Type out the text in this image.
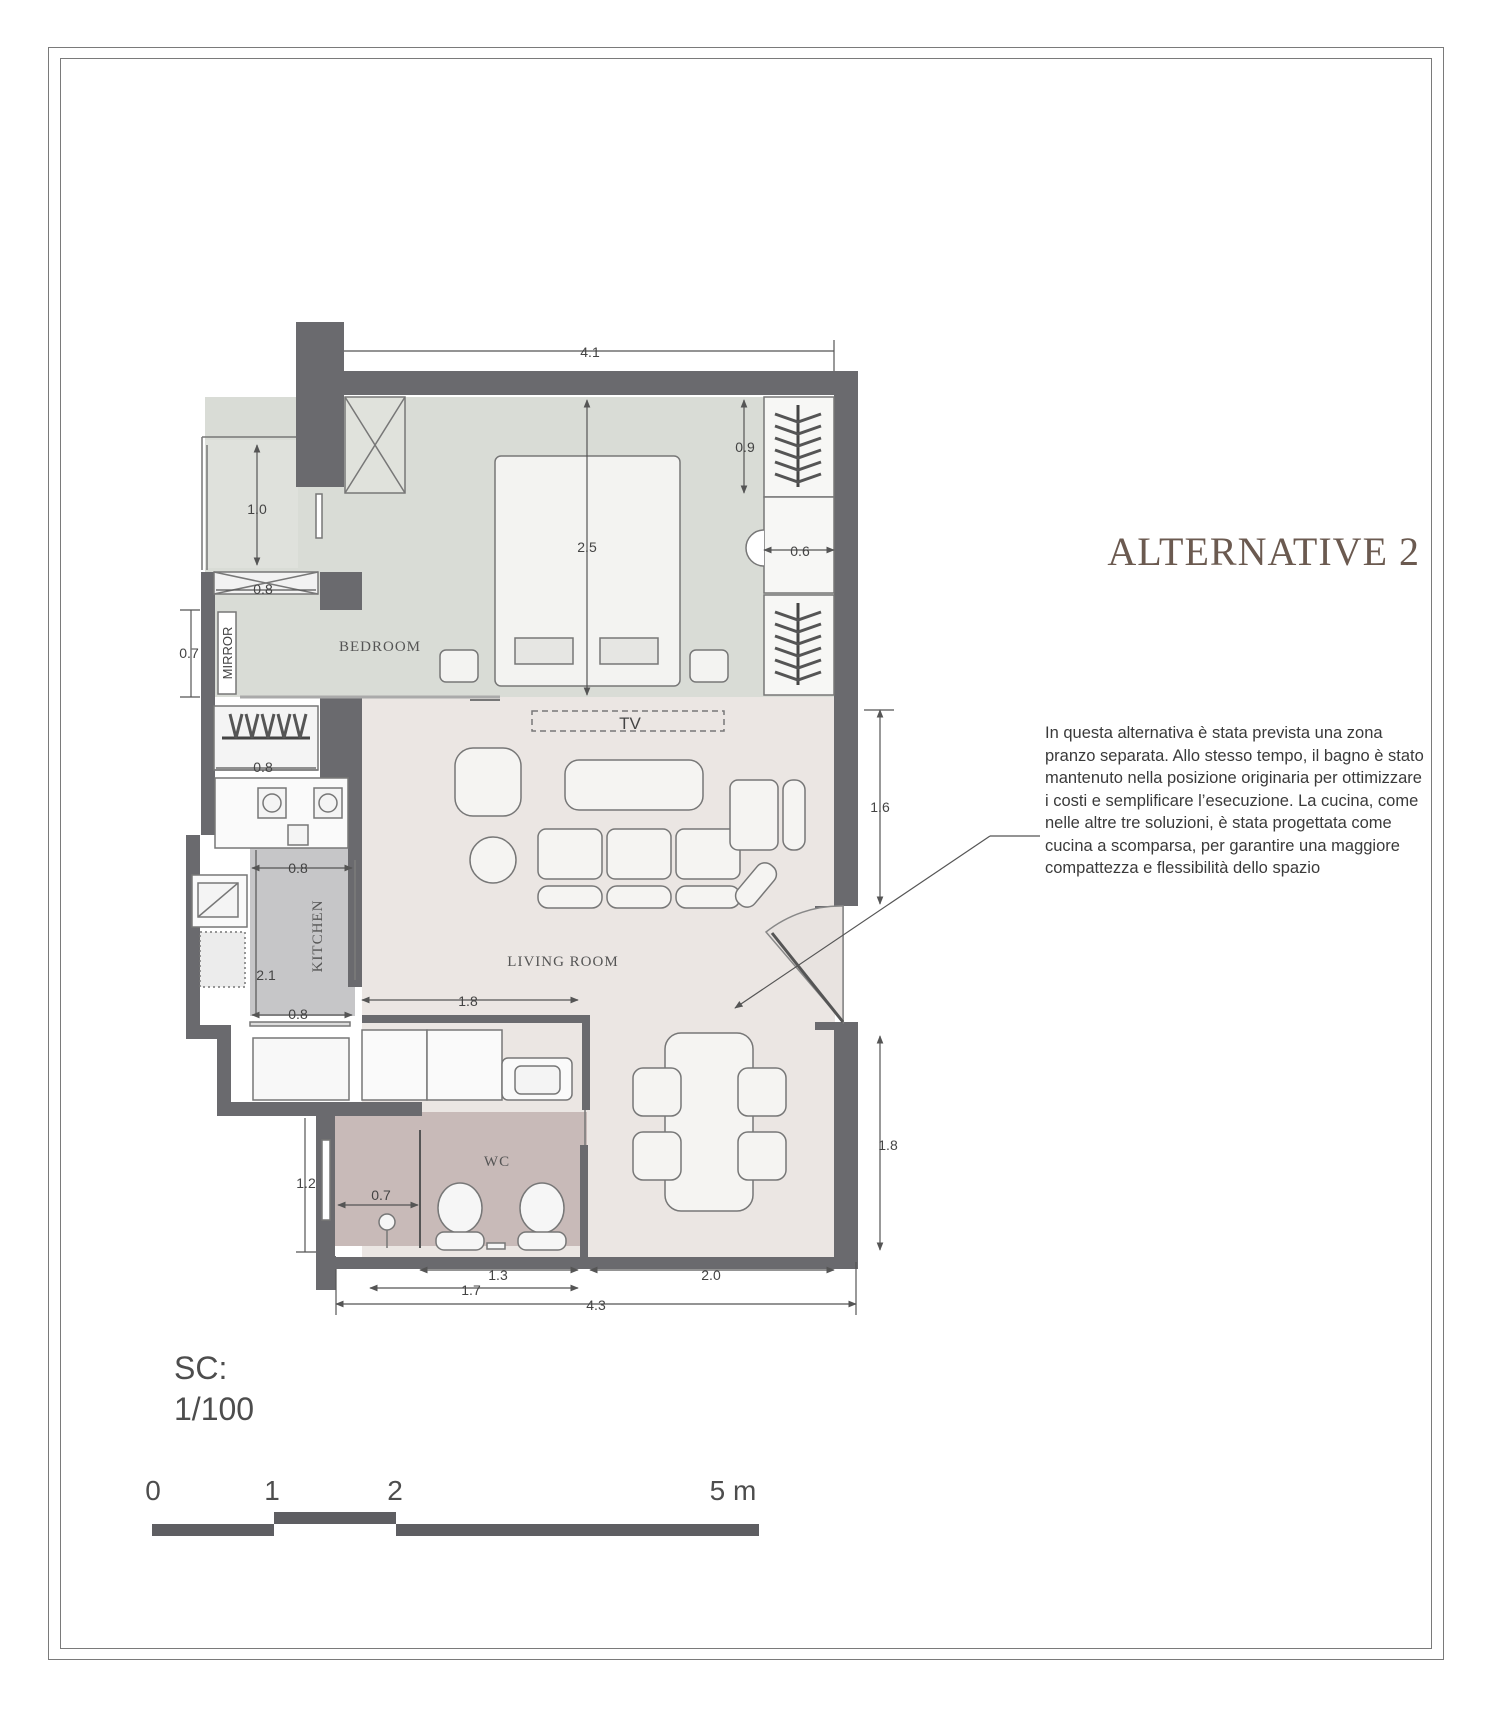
ALTERNATIVE 2
In questa alternativa è stata prevista una zona pranzo separata. Allo stesso tempo, il bagno è stato mantenuto nella posizione originaria per ottimizzare i costi e semplificare l’esecuzione. La cucina, come nelle altre tre soluzioni, è stata progettata come cucina a scomparsa, per garantire una maggiore compattezza e flessibilità dello spazio
SC:
1/100
4.1
2.5
0.9
0.6
1.0
0.8
0.7
0.8
0.8
2.1
0.8
1.6
1.8
1.8
1.2
0.7
1.3
1.7
2.0
4.3
BEDROOM
LIVING ROOM
WC
KITCHEN
MIRROR
TV
0	1	2	5 m
